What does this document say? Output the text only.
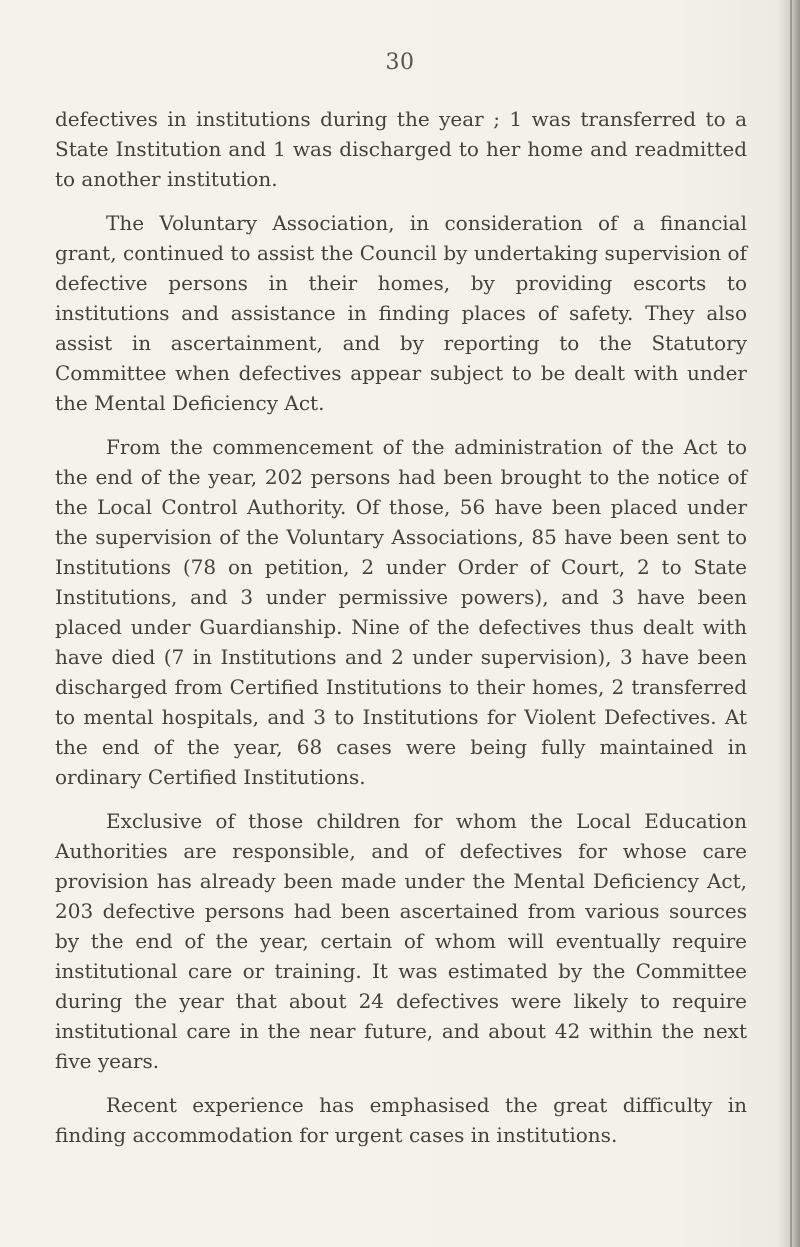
30

defectives in institutions during the year ; 1 was transferred to a State Institution and 1 was discharged to her home and readmitted to another institution.

The Voluntary Association, in consideration of a financial grant, continued to assist the Council by undertaking supervision of defective persons in their homes, by providing escorts to institutions and assistance in finding places of safety. They also assist in ascertainment, and by reporting to the Statutory Committee when defectives appear subject to be dealt with under the Mental Deficiency Act.

From the commencement of the administration of the Act to the end of the year, 202 persons had been brought to the notice of the Local Control Authority. Of those, 56 have been placed under the supervision of the Voluntary Associations, 85 have been sent to Institutions (78 on petition, 2 under Order of Court, 2 to State Institutions, and 3 under permissive powers), and 3 have been placed under Guardianship. Nine of the defectives thus dealt with have died (7 in Institutions and 2 under supervision), 3 have been discharged from Certified Institutions to their homes, 2 transferred to mental hospitals, and 3 to Institutions for Violent Defectives. At the end of the year, 68 cases were being fully maintained in ordinary Certified Institutions.

Exclusive of those children for whom the Local Education Authorities are responsible, and of defectives for whose care provision has already been made under the Mental Deficiency Act, 203 defective persons had been ascertained from various sources by the end of the year, certain of whom will eventually require institutional care or training. It was estimated by the Committee during the year that about 24 defectives were likely to require institutional care in the near future, and about 42 within the next five years.

Recent experience has emphasised the great difficulty in finding accommodation for urgent cases in institutions.
